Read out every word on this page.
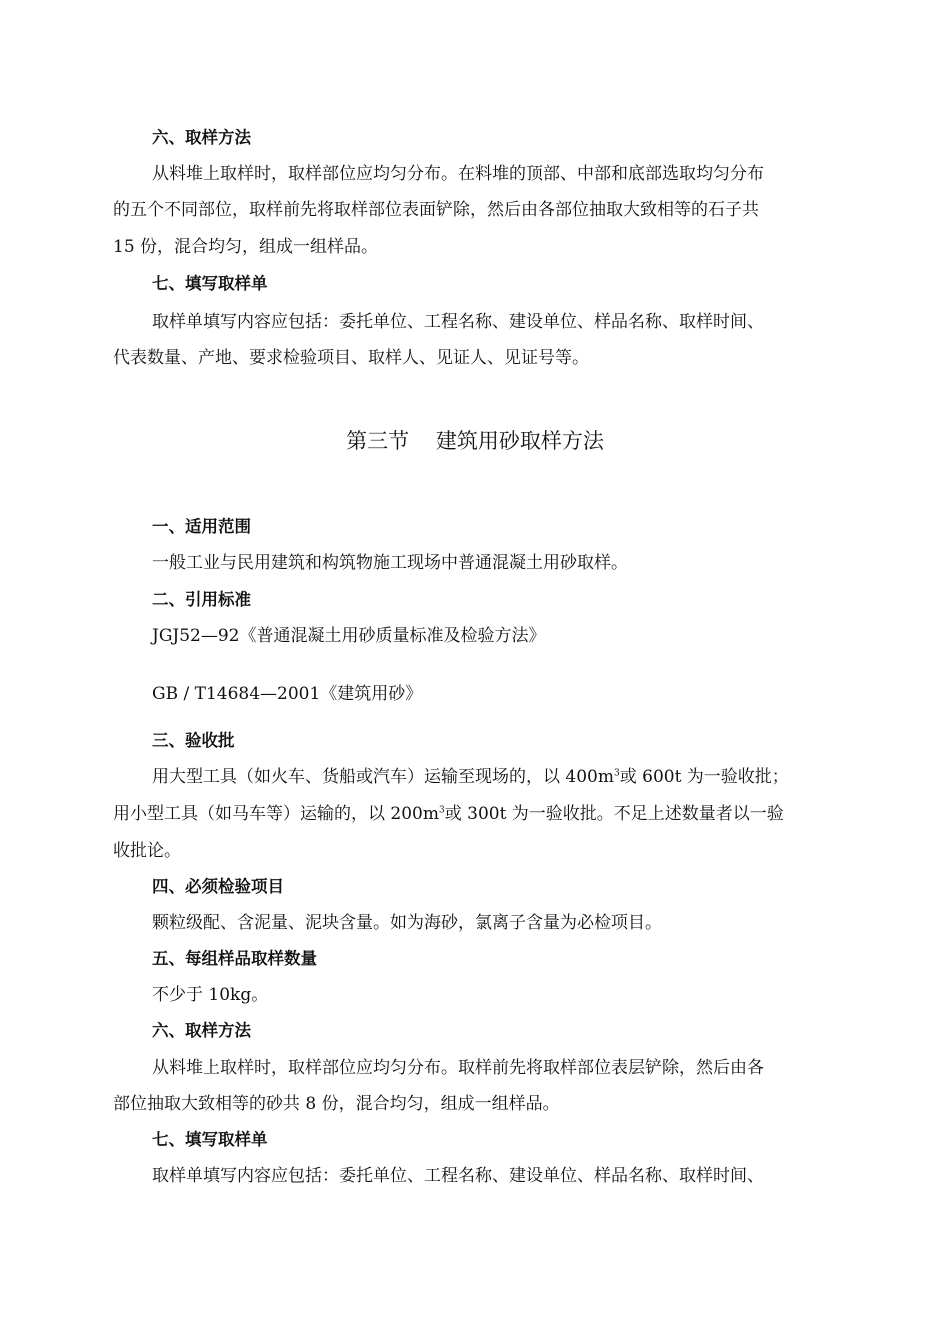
六、取样方法
从料堆上取样时，取样部位应均匀分布。在料堆的顶部、中部和底部选取均匀分布
的五个不同部位，取样前先将取样部位表面铲除，然后由各部位抽取大致相等的石子共
15 份，混合均匀，组成一组样品。
七、填写取样单
取样单填写内容应包括：委托单位、工程名称、建设单位、样品名称、取样时间、
代表数量、产地、要求检验项目、取样人、见证人、见证号等。
第三节    建筑用砂取样方法
一、适用范围
一般工业与民用建筑和构筑物施工现场中普通混凝土用砂取样。
二、引用标准
JGJ52—92《普通混凝土用砂质量标准及检验方法》
GB / T14684—2001《建筑用砂》
三、验收批
用大型工具（如火车、货船或汽车）运输至现场的，以 $400m^3$或 600t 为一验收批；
用小型工具（如马车等）运输的，以 $200m^3$或 300t 为一验收批。不足上述数量者以一验
收批论。
四、必须检验项目
颗粒级配、含泥量、泥块含量。如为海砂，氯离子含量为必检项目。
五、每组样品取样数量
不少于 10kg。
六、取样方法
从料堆上取样时，取样部位应均匀分布。取样前先将取样部位表层铲除，然后由各
部位抽取大致相等的砂共 8 份，混合均匀，组成一组样品。
七、填写取样单
取样单填写内容应包括：委托单位、工程名称、建设单位、样品名称、取样时间、
